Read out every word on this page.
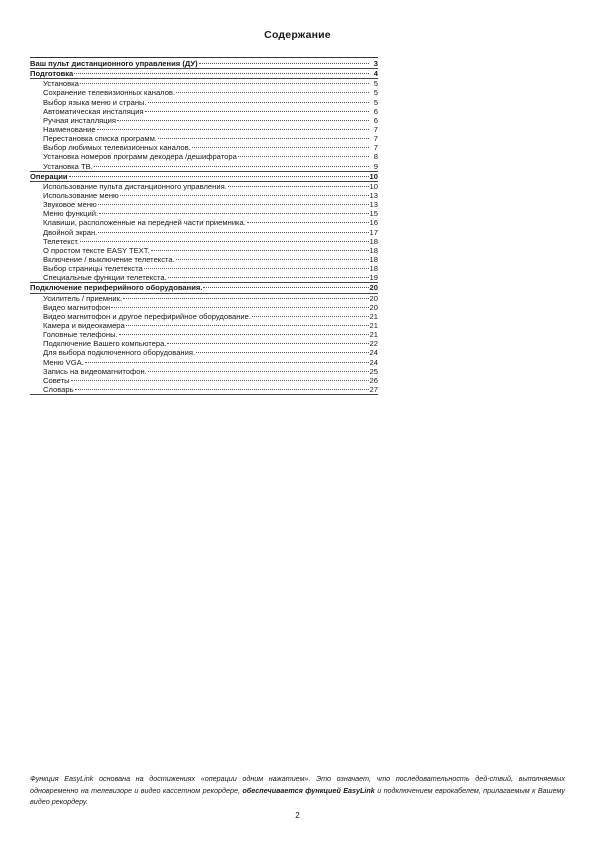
Содержание
Ваш пульт дистанционного управления (ДУ)	3
Подготовка	4
Установка	5
Сохранение телевизионных каналов.	5
Выбор языка меню и страны.	5
Автоматическая инсталяция	6
Ручная инсталляция	6
Наименование	7
Перестановка списка программ.	7
Выбор любимых телевизионных каналов.	7
Установка номеров программ декодера /дешифратора	8
Установка ТВ.	9
Операции	10
Использование пульта дистанционного управления.	10
Использование меню	13
Звуковое меню	13
Меню функций.	15
Клавиши, расположенные на передней части приемника.	16
Двойной экран.	17
Телетекст.	18
О простом тексте EASY TEXT.	18
Включение / выключение телетекста.	18
Выбор страницы телетекста	18
Специальные функции телетекста.	19
Подключение периферийного оборудования.	20
Усилитель / приемник.	20
Видео магнитофон	20
Видео магнитофон и другое перефирийное оборудование.	21
Камера и видеокамера	21
Головные телефоны.	21
Подключение Вашего компьютера.	22
Для выбора подключенного оборудования.	24
Меню VGA.	24
Запись на видеомагнитофон.	25
Советы	26
Словарь	27
Функция EasyLink основана на достижениях «операции одним нажатием». Это означает, что последовательность дей-ствий, выполняемых одновременно на телевизоре и видео кассетном рекордере, обеспечивается функцией EasyLink и подключением еврокабелем, прилагаемым к Вашему видео рекордеру.
2
